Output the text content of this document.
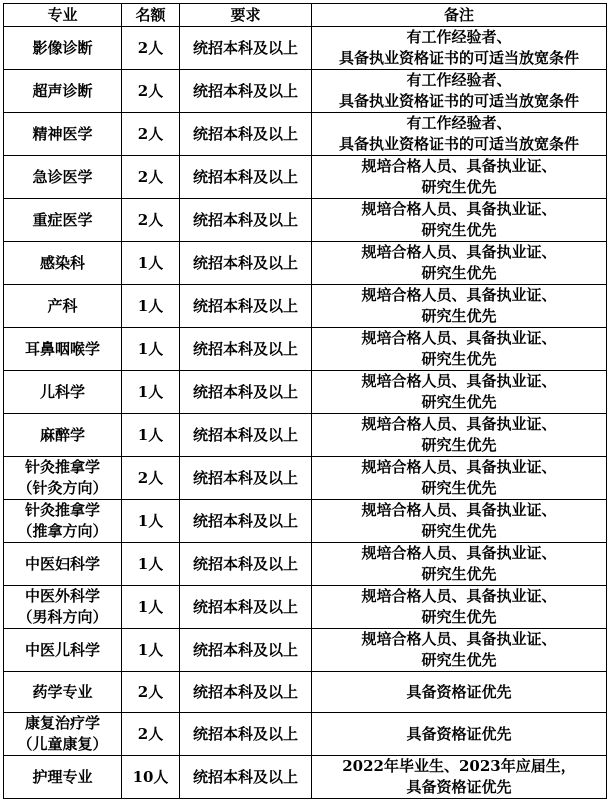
专业	名额	要求	备注

影像诊断	2人	统招本科及以上	有工作经验者、
具备执业资格证书的可适当放宽条件

超声诊断	2人	统招本科及以上	有工作经验者、
具备执业资格证书的可适当放宽条件

精神医学	2人	统招本科及以上	有工作经验者、
具备执业资格证书的可适当放宽条件

急诊医学	2人	统招本科及以上	规培合格人员、具备执业证、
研究生优先

重症医学	2人	统招本科及以上	规培合格人员、具备执业证、
研究生优先

感染科	1人	统招本科及以上	规培合格人员、具备执业证、
研究生优先

产科	1人	统招本科及以上	规培合格人员、具备执业证、
研究生优先

耳鼻咽喉学	1人	统招本科及以上	规培合格人员、具备执业证、
研究生优先

儿科学	1人	统招本科及以上	规培合格人员、具备执业证、
研究生优先

麻醉学	1人	统招本科及以上	规培合格人员、具备执业证、
研究生优先

针灸推拿学
（针灸方向）	2人	统招本科及以上	规培合格人员、具备执业证、
研究生优先

针灸推拿学
（推拿方向）	1人	统招本科及以上	规培合格人员、具备执业证、
研究生优先

中医妇科学	1人	统招本科及以上	规培合格人员、具备执业证、
研究生优先

中医外科学
（男科方向）	1人	统招本科及以上	规培合格人员、具备执业证、
研究生优先

中医儿科学	1人	统招本科及以上	规培合格人员、具备执业证、
研究生优先

药学专业	2人	统招本科及以上	具备资格证优先

康复治疗学
（儿童康复）	2人	统招本科及以上	具备资格证优先

护理专业	10人	统招本科及以上	2022年毕业生、2023年应届生，
具备资格证优先
